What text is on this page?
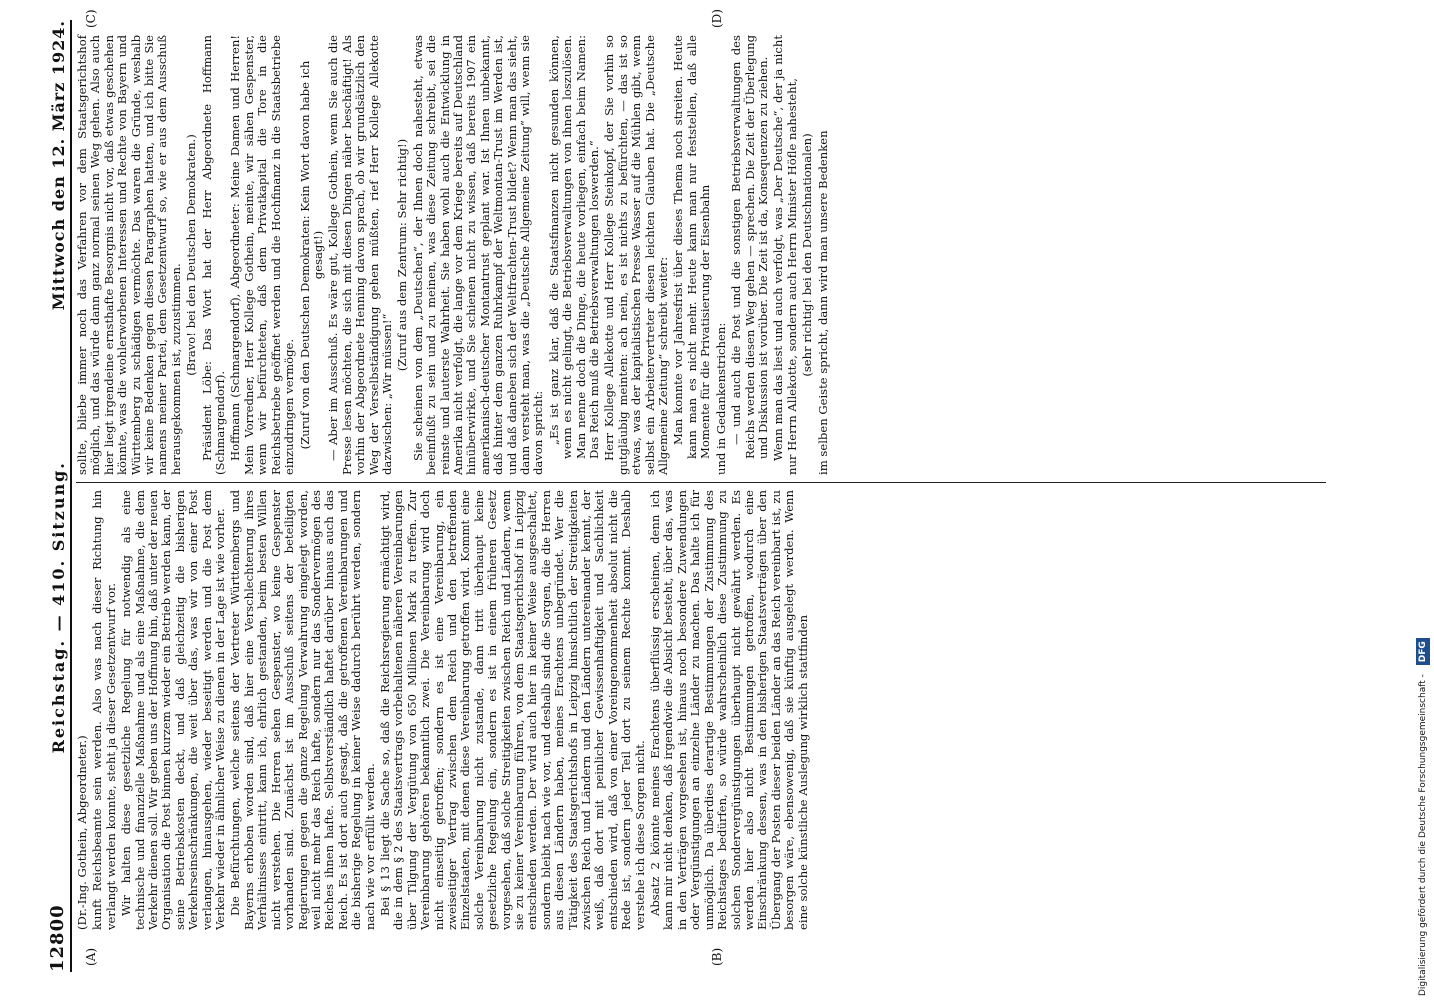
12800
Reichstag. — 410. Sitzung.
Mittwoch den 12. März 1924.
(A)	(B)
(C)	(D)

(Dr.-Ing. Gothein, Abgeordneter.) kunft Reichsbeamte sein werden. Also was nach dieser Richtung hin verlangt werden konnte, steht ja dieser Gesetzentwurf vor. Wir halten diese gesetzliche Regelung für notwendig als eine technische und finanzielle Maßnahme und als eine Maßnahme, die dem Verkehr dienen soll. Wir geben uns der Hoffnung hin, daß unter der neuen Organisation die Post binnen kurzem wieder ein Betrieb werden kann, der seine Betriebskosten deckt, und daß gleichzeitig die bisherigen Verkehrseinschränkungen, die weit über das, was wir von einer Post verlangen, hinausgehen, wieder beseitigt werden und die Post dem Verkehr wieder in ähnlicher Weise zu dienen in der Lage ist wie vorher. Die Befürchtungen, welche seitens der Vertreter Württembergs und Bayerns erhoben worden sind, daß hier eine Verschlechterung ihres Verhältnisses eintritt, kann ich, ehrlich gestanden, beim besten Willen nicht verstehen. Die Herren sehen Gespenster, wo keine Gespenster vorhanden sind. Zunächst ist im Ausschuß seitens der beteiligten Regierungen gegen die ganze Regelung Verwahrung eingelegt worden, weil nicht mehr das Reich hafte, sondern nur das Sondervermögen des Reiches ihnen hafte. Selbstverständlich haftet darüber hinaus auch das Reich. Es ist dort auch gesagt, daß die getroffenen Vereinbarungen und die bisherige Regelung in keiner Weise dadurch berührt werden, sondern nach wie vor erfüllt werden. Bei § 13 liegt die Sache so, daß die Reichsregierung ermächtigt wird, die in dem § 2 des Staatsvertrags vorbehaltenen näheren Vereinbarungen über Tilgung der Vergütung von 650 Millionen Mark zu treffen. Zur Vereinbarung gehören bekanntlich zwei. Die Vereinbarung wird doch nicht einseitig getroffen; sondern es ist eine Vereinbarung, ein zweiseitiger Vertrag zwischen dem Reich und den betreffenden Einzelstaaten, mit denen diese Vereinbarung getroffen wird. Kommt eine solche Vereinbarung nicht zustande, dann tritt überhaupt keine gesetzliche Regelung ein, sondern es ist in einem früheren Gesetz vorgesehen, daß solche Streitigkeiten zwischen Reich und Ländern, wenn sie zu keiner Vereinbarung führen, von dem Staatsgerichtshof in Leipzig entschieden werden. Der wird auch hier in keiner Weise ausgeschaltet, sondern bleibt nach wie vor, und deshalb sind die Sorgen, die die Herren aus diesen Ländern haben, meines Erachtens unbegründet. Wer die Tätigkeit des Staatsgerichtshofs in Leipzig hinsichtlich der Streitigkeiten zwischen Reich und Ländern und den Ländern untereinander kennt, der weiß, daß dort mit peinlicher Gewissenhaftigkeit und Sachlichkeit entschieden wird, daß von einer Voreingenommenheit absolut nicht die Rede ist, sondern jeder Teil dort zu seinem Rechte kommt. Deshalb verstehe ich diese Sorgen nicht. Absatz 2 könnte meines Erachtens überflüssig erscheinen, denn ich kann mir nicht denken, daß irgendwie die Absicht besteht, über das, was in den Verträgen vorgesehen ist, hinaus noch besondere Zuwendungen oder Vergünstigungen an einzelne Länder zu machen. Das halte ich für unmöglich. Da überdies derartige Bestimmungen der Zustimmung des Reichstages bedürfen, so würde wahrscheinlich diese Zustimmung zu solchen Sondervergünstigungen überhaupt nicht gewährt werden. Es werden hier also nicht Bestimmungen getroffen, wodurch eine Einschränkung dessen, was in den bisherigen Staatsverträgen über den Übergang der Posten dieser beiden Länder an das Reich vereinbart ist, zu besorgen wäre, ebensowenig, daß sie künftig ausgelegt werden. Wenn eine solche künstliche Auslegung wirklich stattfinden

sollte, bliebe immer noch das Verfahren vor dem Staatsgerichtshof möglich, und das würde dann ganz normal seinen Weg gehen. Also auch hier liegt irgendeine ernsthafte Besorgnis nicht vor, daß etwas geschehen könnte, was die wohlerworbenen Interessen und Rechte von Bayern und Württemberg zu schädigen vermöchte. Das waren die Gründe, weshalb wir keine Bedenken gegen diesen Paragraphen hatten, und ich bitte Sie namens meiner Partei, dem Gesetzentwurf so, wie er aus dem Ausschuß herausgekommen ist, zuzustimmen. (Bravo! bei den Deutschen Demokraten.) Präsident Löbe: Das Wort hat der Herr Abgeordnete Hoffmann (Schmargendorf). Hoffmann (Schmargendorf), Abgeordneter: Meine Damen und Herren! Mein Vorredner, Herr Kollege Gothein, meinte, wir sähen Gespenster, wenn wir befürchteten, daß dem Privatkapital die Tore in die Reichsbetriebe geöffnet werden und die Hochfinanz in die Staatsbetriebe einzudringen vermöge. (Zuruf von den Deutschen Demokraten: Kein Wort davon habe ich gesagt!) — Aber im Ausschuß. Es wäre gut, Kollege Gothein, wenn Sie auch die Presse lesen möchten, die sich mit diesen Dingen näher beschäftigt! Als vorhin der Abgeordnete Henning davon sprach, ob wir grundsätzlich den Weg der Verselbständigung gehen müßten, rief Herr Kollege Allekotte dazwischen: „Wir müssen!“

(Zuruf aus dem Zentrum: Sehr richtig!) Sie scheinen von dem „Deutschen“, der Ihnen doch nahesteht, etwas beeinflußt zu sein und zu meinen, was diese Zeitung schreibt, sei die reinste und lauterste Wahrheit. Sie haben wohl auch die Entwicklung in Amerika nicht verfolgt, die lange vor dem Kriege bereits auf Deutschland hinüberwirkte, und Sie schienen nicht zu wissen, daß bereits 1907 ein amerikanisch-deutscher Montantrust geplant war. Ist Ihnen unbekannt, daß hinter dem ganzen Ruhrkampf der Weltmontan-Trust im Werden ist, und daß daneben sich der Weltfrachten-Trust bildet? Wenn man das sieht, dann versteht man, was die „Deutsche Allgemeine Zeitung“ will, wenn sie davon spricht: „Es ist ganz klar, daß die Staatsfinanzen nicht gesunden können, wenn es nicht gelingt, die Betriebsverwaltungen von ihnen loszulösen. Man nenne doch die Dinge, die heute vorliegen, einfach beim Namen: Das Reich muß die Betriebsverwaltungen loswerden.“ Herr Kollege Allekotte und Herr Kollege Steinkopf, der Sie vorhin so gutgläubig meinten: ach nein, es ist nichts zu befürchten, — das ist so etwas, was der kapitalistischen Presse Wasser auf die Mühlen gibt, wenn selbst ein Arbeitervertreter diesen leichten Glauben hat. Die „Deutsche Allgemeine Zeitung“ schreibt weiter: Man konnte vor Jahresfrist über dieses Thema noch streiten. Heute kann man es nicht mehr. Heute kann man nur feststellen, daß alle Momente für die Privatisierung der Eisenbahn und in Gedankenstrichen: — und auch die Post und die sonstigen Betriebsverwaltungen des Reichs werden diesen Weg gehen — sprechen. Die Zeit der Überlegung und Diskussion ist vorüber. Die Zeit ist da, Konsequenzen zu ziehen. Wenn man das liest und auch verfolgt, was „Der Deutsche“, der ja nicht nur Herrn Allekotte, sondern auch Herrn Minister Höfle nahesteht, (sehr richtig! bei den Deutschnationalen) im selben Geiste spricht, dann wird man unsere Bedenken

Digitalisierung gefördert durch die Deutsche Forschungsgemeinschaft - DFG
